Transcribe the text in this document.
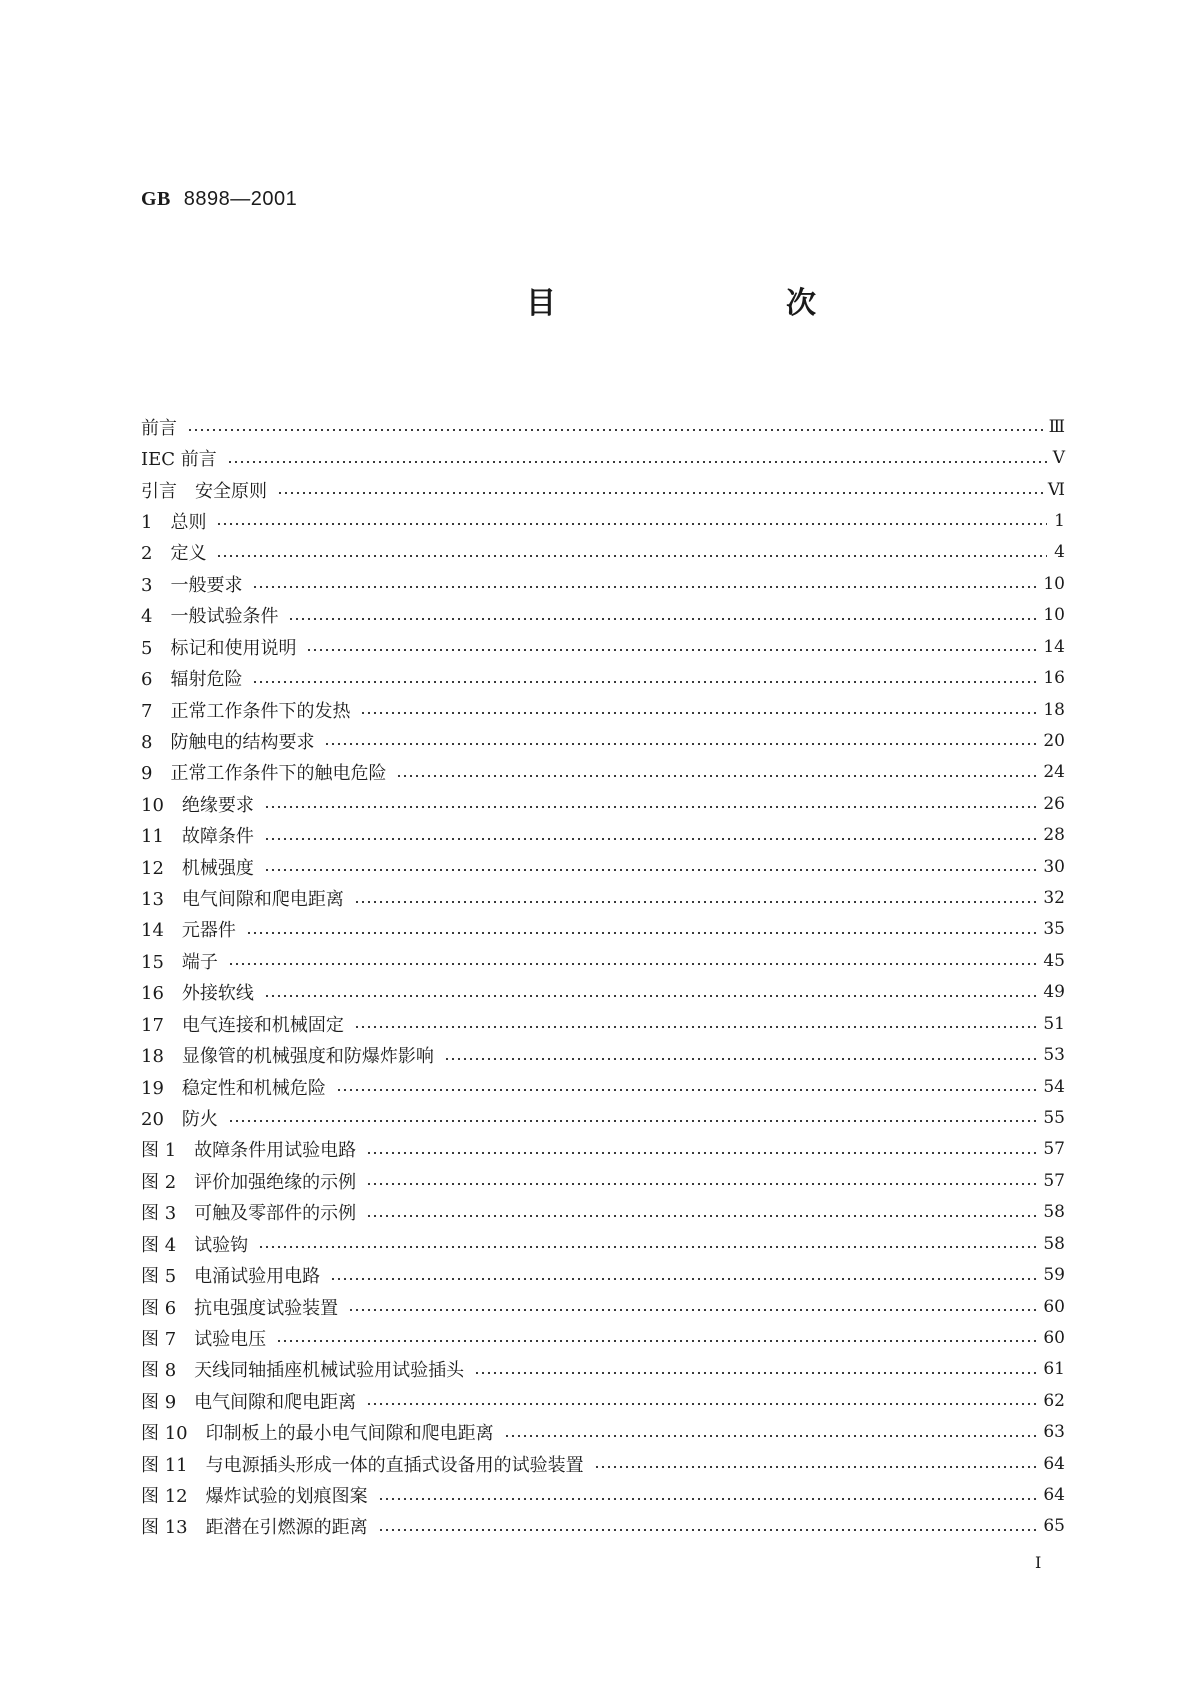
GB 8898—2001
目　次
前言	Ⅲ
IEC 前言	Ⅴ
引言　安全原则	Ⅵ
1　总则	1
2　定义	4
3　一般要求	10
4　一般试验条件	10
5　标记和使用说明	14
6　辐射危险	16
7　正常工作条件下的发热	18
8　防触电的结构要求	20
9　正常工作条件下的触电危险	24
10　绝缘要求	26
11　故障条件	28
12　机械强度	30
13　电气间隙和爬电距离	32
14　元器件	35
15　端子	45
16　外接软线	49
17　电气连接和机械固定	51
18　显像管的机械强度和防爆炸影响	53
19　稳定性和机械危险	54
20　防火	55
图 1　故障条件用试验电路	57
图 2　评价加强绝缘的示例	57
图 3　可触及零部件的示例	58
图 4　试验钩	58
图 5　电涌试验用电路	59
图 6　抗电强度试验装置	60
图 7　试验电压	60
图 8　天线同轴插座机械试验用试验插头	61
图 9　电气间隙和爬电距离	62
图 10　印制板上的最小电气间隙和爬电距离	63
图 11　与电源插头形成一体的直插式设备用的试验装置	64
图 12　爆炸试验的划痕图案	64
图 13　距潜在引燃源的距离	65
Ⅰ
